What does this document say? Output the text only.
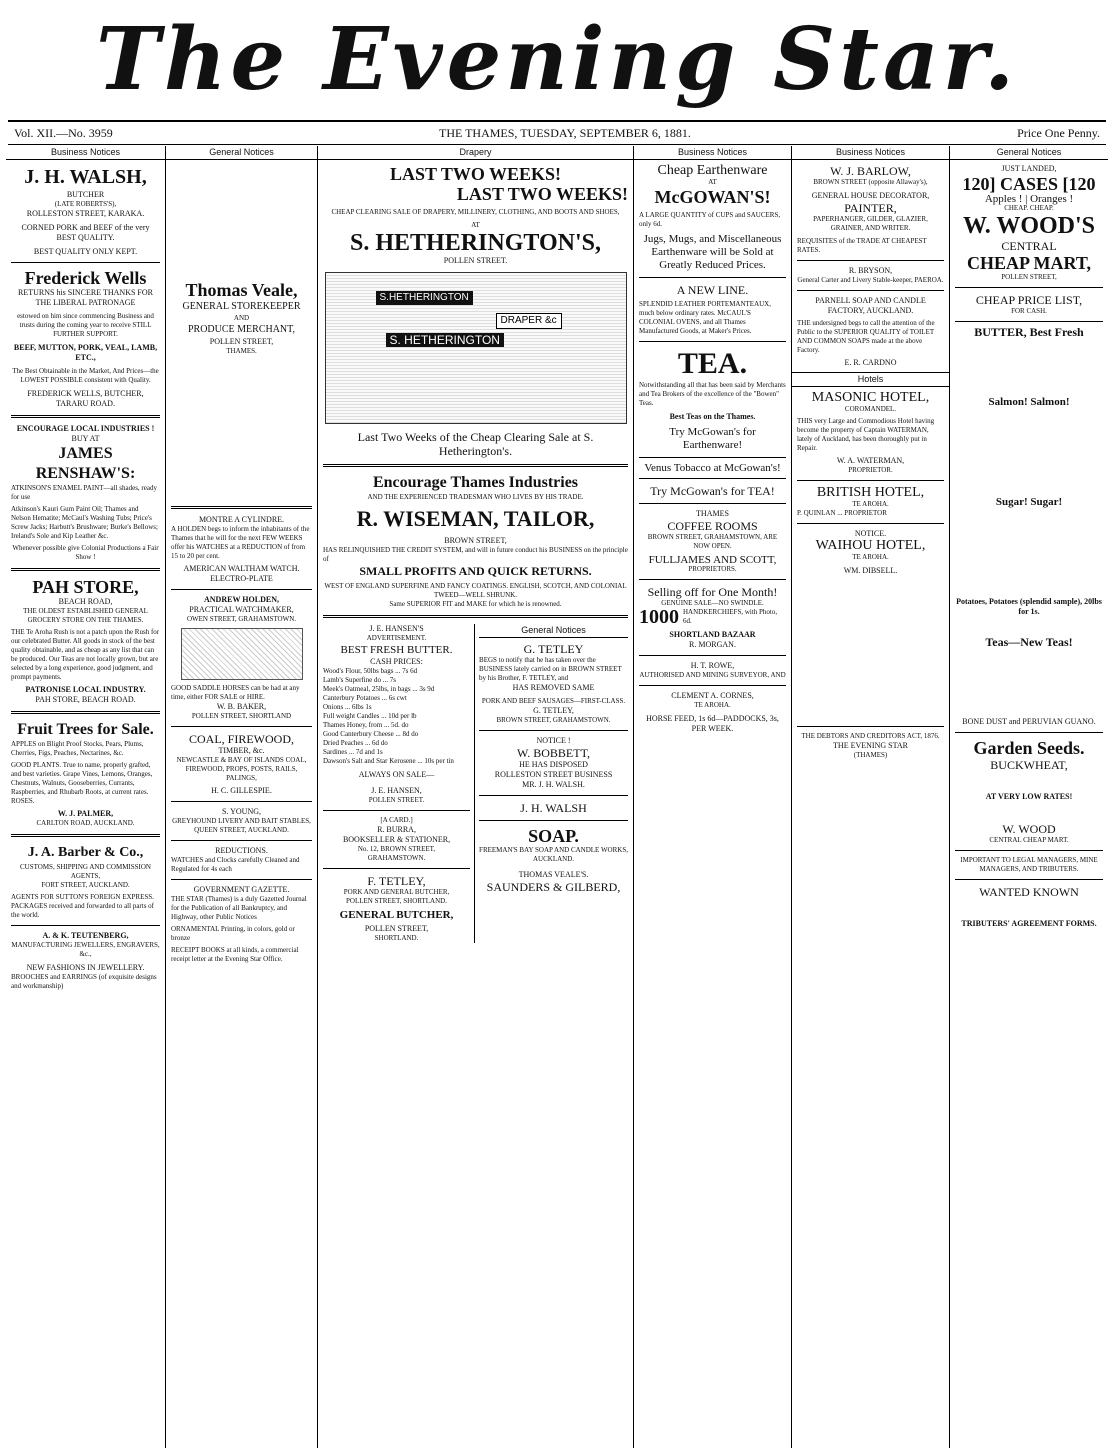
The Evening Star.
Vol. XII.—No. 3959	THE THAMES, TUESDAY, SEPTEMBER 6, 1881.	Price One Penny.
Business Notices
J. H. WALSH,
BUTCHER
(LATE ROBERTS'S),
ROLLESTON STREET, KARAKA.
CORNED PORK and BEEF of the very BEST QUALITY.
BEST QUALITY ONLY KEPT.
Frederick Wells
RETURNS his SINCERE THANKS FOR THE LIBERAL PATRONAGE
estowed on him since commencing Business and trusts during the coming year to receive STILL FURTHER SUPPORT.
BEEF, MUTTON, PORK, VEAL, LAMB, ETC.,
The Best Obtainable in the Market, And Prices—the LOWEST POSSIBLE consistent with Quality.
FREDERICK WELLS, BUTCHER, TARARU ROAD.
ENCOURAGE LOCAL INDUSTRIES !
BUY AT
JAMES RENSHAW'S:
ATKINSON'S ENAMEL PAINT—all shades, ready for use
Atkinson's Kauri Gum Paint Oil; Thames and Nelson Hematite; McCaul's Washing Tubs; Price's Screw Jacks; Harbutt's Brushware; Burke's Bellows; Ireland's Sole and Kip Leather &c.
Whenever possible give Colonial Productions a Fair Show !
PAH STORE,
BEACH ROAD,
THE OLDEST ESTABLISHED GENERAL GROCERY STORE ON THE THAMES.
THE Te Aroha Rush is not a patch upon the Rush for our celebrated Butter. All goods in stock of the best quality obtainable, and as cheap as any list that can be produced. Our Teas are not locally grown, but are selected by a long experience, good judgment, and prompt payments.
PATRONISE LOCAL INDUSTRY.
PAH STORE, BEACH ROAD.
Fruit Trees for Sale.
APPLES on Blight Proof Stocks, Pears, Plums, Cherries, Figs, Peaches, Nectarines, &c.
GOOD PLANTS. True to name, properly grafted, and best varieties. Grape Vines, Lemons, Oranges, Chestnuts, Walnuts, Gooseberries, Currants, Raspberries, and Rhubarb Roots, at current rates. ROSES.
W. J. PALMER,
CARLTON ROAD, AUCKLAND.
J. A. Barber & Co.,
CUSTOMS, SHIPPING AND COMMISSION AGENTS,
FORT STREET, AUCKLAND.
AGENTS FOR SUTTON'S FOREIGN EXPRESS. PACKAGES received and forwarded to all parts of the world.
A. & K. TEUTENBERG,
MANUFACTURING JEWELLERS, ENGRAVERS, &c.,
NEW FASHIONS IN JEWELLERY.
BROOCHES and EARRINGS (of exquisite designs and workmanship)
General Notices
Thomas Veale,
GENERAL STOREKEEPER
AND
PRODUCE MERCHANT,
POLLEN STREET,
THAMES.
MONTRE A CYLINDRE.
A HOLDEN begs to inform the inhabitants of the Thames that he will for the next FEW WEEKS offer his WATCHES at a REDUCTION of from 15 to 20 per cent.
AMERICAN WALTHAM WATCH.
ELECTRO-PLATE
ANDREW HOLDEN,
PRACTICAL WATCHMAKER,
OWEN STREET, GRAHAMSTOWN.
GOOD SADDLE HORSES can be had at any time, either FOR SALE or HIRE.
W. B. BAKER,
POLLEN STREET, SHORTLAND
COAL, FIREWOOD,
TIMBER, &c.
NEWCASTLE & BAY OF ISLANDS COAL,
FIREWOOD, PROPS, POSTS, RAILS, PALINGS,
H. C. GILLESPIE.
S. YOUNG,
GREYHOUND LIVERY AND BAIT STABLES,
QUEEN STREET, AUCKLAND.
REDUCTIONS.
WATCHES and Clocks carefully Cleaned and Regulated for 4s each
GOVERNMENT GAZETTE.
THE STAR (Thames) is a duly Gazetted Journal for the Publication of all Bankruptcy, and Highway, other Public Notices
ORNAMENTAL Printing, in colors, gold or bronze
RECEIPT BOOKS at all kinds, a commercial receipt letter at the Evening Star Office.
Drapery
LAST TWO WEEKS!
LAST TWO WEEKS!
CHEAP CLEARING SALE OF DRAPERY, MILLINERY, CLOTHING, AND BOOTS AND SHOES,
AT
S. HETHERINGTON'S,
POLLEN STREET.
S.HETHERINGTON
DRAPER &c
S. HETHERINGTON
Last Two Weeks of the Cheap Clearing Sale at S. Hetherington's.
Encourage Thames Industries
AND THE EXPERIENCED TRADESMAN WHO LIVES BY HIS TRADE.
R. WISEMAN, TAILOR,
BROWN STREET,
HAS RELINQUISHED THE CREDIT SYSTEM, and will in future conduct his BUSINESS on the principle of
SMALL PROFITS AND QUICK RETURNS.
WEST OF ENGLAND SUPERFINE AND FANCY COATINGS. ENGLISH, SCOTCH, AND COLONIAL TWEED—WELL SHRUNK.
Same SUPERIOR FIT and MAKE for which he is renowned.
J. E. HANSEN'S
ADVERTISEMENT.
BEST FRESH BUTTER.
CASH PRICES:
Wood's Flour, 50lbs bags ... 7s 6d
Lamb's Superfine do ... 7s
Meek's Oatmeal, 25lbs, in bags ... 3s 9d
Canterbury Potatoes ... 6s cwt
Onions ... 6lbs 1s
Full weight Candles ... 10d per lb
Thames Honey, from ... 5d. do
Good Canterbury Cheese ... 8d do
Dried Peaches ... 6d do
Sardines ... 7d and 1s
Dawson's Salt and Star Kerosene ... 10s per tin
ALWAYS ON SALE—
J. E. HANSEN,
POLLEN STREET.
[A CARD.]
R. BURRA,
BOOKSELLER & STATIONER,
No. 12, BROWN STREET,
GRAHAMSTOWN.
F. TETLEY,
PORK AND GENERAL BUTCHER,
POLLEN STREET, SHORTLAND.
GENERAL BUTCHER,
POLLEN STREET,
SHORTLAND.
General Notices
G. TETLEY
BEGS to notify that he has taken over the BUSINESS lately carried on in BROWN STREET by his Brother, F. TETLEY, and
HAS REMOVED SAME
PORK AND BEEF SAUSAGES—FIRST-CLASS.
G. TETLEY,
BROWN STREET, GRAHAMSTOWN.
NOTICE !
W. BOBBETT,
HE HAS DISPOSED
ROLLESTON STREET BUSINESS
MR. J. H. WALSH.
J. H. WALSH
SOAP.
FREEMAN'S BAY SOAP AND CANDLE WORKS, AUCKLAND.
THOMAS VEALE'S.
SAUNDERS & GILBERD,
Business Notices
Cheap Earthenware
AT
McGOWAN'S!
A LARGE QUANTITY of CUPS and SAUCERS, only 6d.
Jugs, Mugs, and Miscellaneous Earthenware will be Sold at Greatly Reduced Prices.
A NEW LINE.
SPLENDID LEATHER PORTEMANTEAUX, much below ordinary rates. McCAUL'S COLONIAL OVENS, and all Thames Manufactured Goods, at Maker's Prices.
TEA.
Notwithstanding all that has been said by Merchants and Tea Brokers of the excellence of the "Bowen" Teas.
Best Teas on the Thames.
Try McGowan's for Earthenware!
Venus Tobacco at McGowan's!
Try McGowan's for TEA!
THAMES
COFFEE ROOMS
BROWN STREET, GRAHAMSTOWN, ARE NOW OPEN.
FULLJAMES AND SCOTT,
PROPRIETORS.
Selling off for One Month!
GENUINE SALE—NO SWINDLE.
1000 HANDKERCHIEFS, with Photo, 6d.
SHORTLAND BAZAAR
R. MORGAN.
H. T. ROWE,
AUTHORISED AND MINING SURVEYOR, AND
CLEMENT A. CORNES,
TE AROHA.
HORSE FEED, 1s 6d—PADDOCKS, 3s, PER WEEK.
Business Notices
W. J. BARLOW,
BROWN STREET (opposite Allaway's),
GENERAL HOUSE DECORATOR,
PAINTER,
PAPERHANGER, GILDER, GLAZIER,
GRAINER, AND WRITER.
REQUISITES of the TRADE AT CHEAPEST RATES.
R. BRYSON,
General Carter and Livery Stable-keeper, PAEROA.
PARNELL SOAP AND CANDLE FACTORY, AUCKLAND.
THE undersigned begs to call the attention of the Public to the SUPERIOR QUALITY of TOILET AND COMMON SOAPS made at the above Factory.
E. R. CARDNO
Hotels
MASONIC HOTEL,
COROMANDEL.
THIS very Large and Commodious Hotel having become the property of Captain WATERMAN, lately of Auckland, has been thoroughly put in Repair.
W. A. WATERMAN,
PROPRIETOR.
BRITISH HOTEL,
TE AROHA.
P. QUINLAN ... PROPRIETOR
NOTICE.
WAIHOU HOTEL,
TE AROHA.
WM. DIBSELL.
THE DEBTORS AND CREDITORS ACT, 1876.
THE EVENING STAR
(THAMES)
General Notices
JUST LANDED,
120] CASES [120
Apples ! | Oranges !
CHEAP. CHEAP.
W. WOOD'S
CENTRAL
CHEAP MART,
POLLEN STREET,
CHEAP PRICE LIST,
FOR CASH.
BUTTER, Best Fresh
Salmon! Salmon!
Sugar! Sugar!
Potatoes, Potatoes (splendid sample), 20lbs for 1s.
Teas—New Teas!
BONE DUST and PERUVIAN GUANO.
Garden Seeds.
BUCKWHEAT,
AT VERY LOW RATES!
W. WOOD
CENTRAL CHEAP MART.
IMPORTANT TO LEGAL MANAGERS, MINE MANAGERS, AND TRIBUTERS.
WANTED KNOWN
TRIBUTERS' AGREEMENT FORMS.
